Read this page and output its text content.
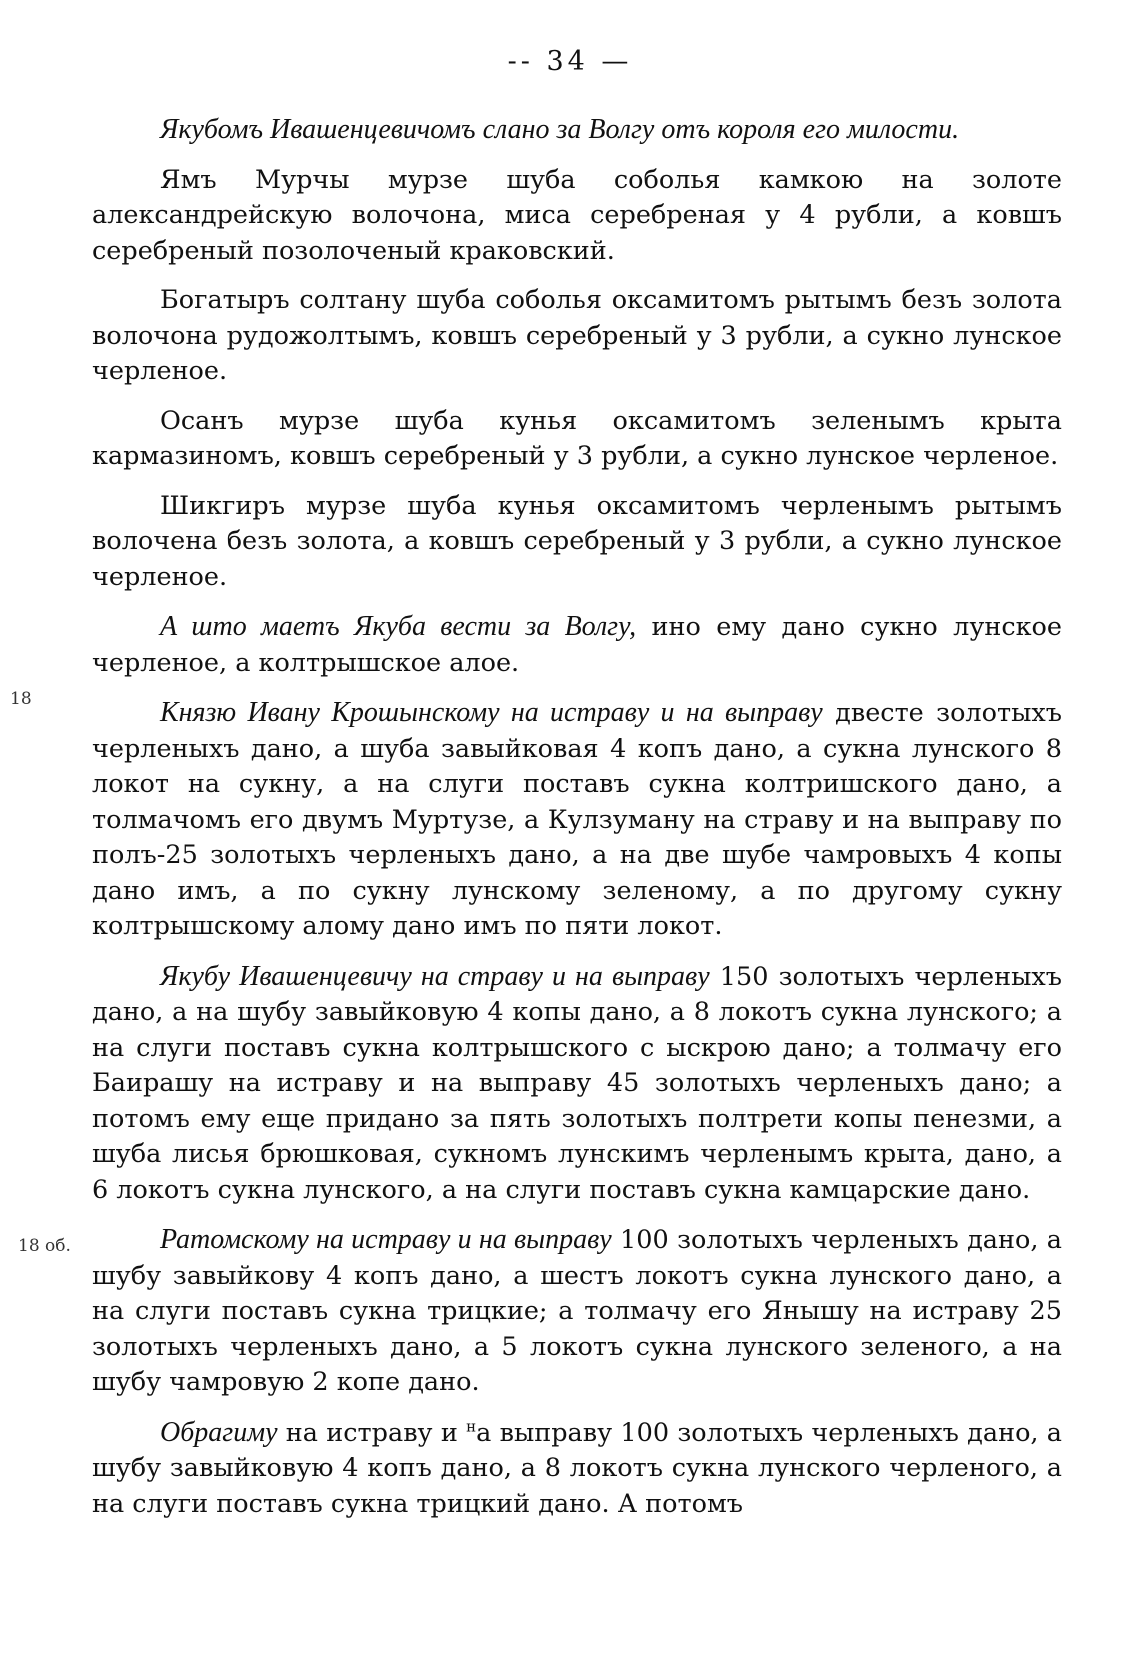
-- 34 —
18
18 об.

Якубомъ Ивашенцевичомъ слано за Волгу отъ короля его милости.

Ямъ Мурчы мурзе шуба соболья камкою на золоте александрейскую волочона, миса серебреная у 4 рубли, а ковшъ серебреный позолоченый краковский.

Богатыръ солтану шуба соболья оксамитомъ рытымъ безъ золота волочона рудожолтымъ, ковшъ серебреный у 3 рубли, а сукно лунское черленое.

Осанъ мурзе шуба кунья оксамитомъ зеленымъ крыта кармазиномъ, ковшъ серебреный у 3 рубли, а сукно лунское черленое.

Шикгиръ мурзе шуба кунья оксамитомъ черленымъ рытымъ волочена безъ золота, а ковшъ серебреный у 3 рубли, а сукно лунское черленое.

А што маетъ Якуба вести за Волгу, ино ему дано сукно лунское черленое, а колтрышское алое.

Князю Ивану Крошынскому на истраву и на выправу двесте золотыхъ черленыхъ дано, а шуба завыйковая 4 копъ дано, а сукна лунского 8 локот на сукну, а на слуги поставъ сукна колтришского дано, а толмачомъ его двумъ Муртузе, а Кулзуману на страву и на выправу по полъ-25 золотыхъ черленыхъ дано, а на две шубе чамровыхъ 4 копы дано имъ, а по сукну лунскому зеленому, а по другому сукну колтрышскому алому дано имъ по пяти локот.

Якубу Ивашенцевичу на страву и на выправу 150 золотыхъ черленыхъ дано, а на шубу завыйковую 4 копы дано, а 8 локотъ сукна лунского; а на слуги поставъ сукна колтрышского с ыскрою дано; а толмачу его Баирашу на истраву и на выправу 45 золотыхъ черленыхъ дано; а потомъ ему еще придано за пять золотыхъ полтрети копы пенезми, а шуба лисья брюшковая, сукномъ лунскимъ черленымъ крыта, дано, а 6 локотъ сукна лунского, а на слуги поставъ сукна камцарские дано.

Ратомскому на истраву и на выправу 100 золотыхъ черленыхъ дано, а шубу завыйкову 4 копъ дано, а шестъ локотъ сукна лунского дано, а на слуги поставъ сукна трицкие; а толмачу его Янышу на истраву 25 золотыхъ черленыхъ дано, а 5 локотъ сукна лунского зеленого, а на шубу чамровую 2 копе дано.

Обрагиму на истраву и $^н$а выправу 100 золотыхъ черленыхъ дано, а шубу завыйковую 4 копъ дано, а 8 локотъ сукна лунского черленого, а на слуги поставъ сукна трицкий дано. А потомъ
